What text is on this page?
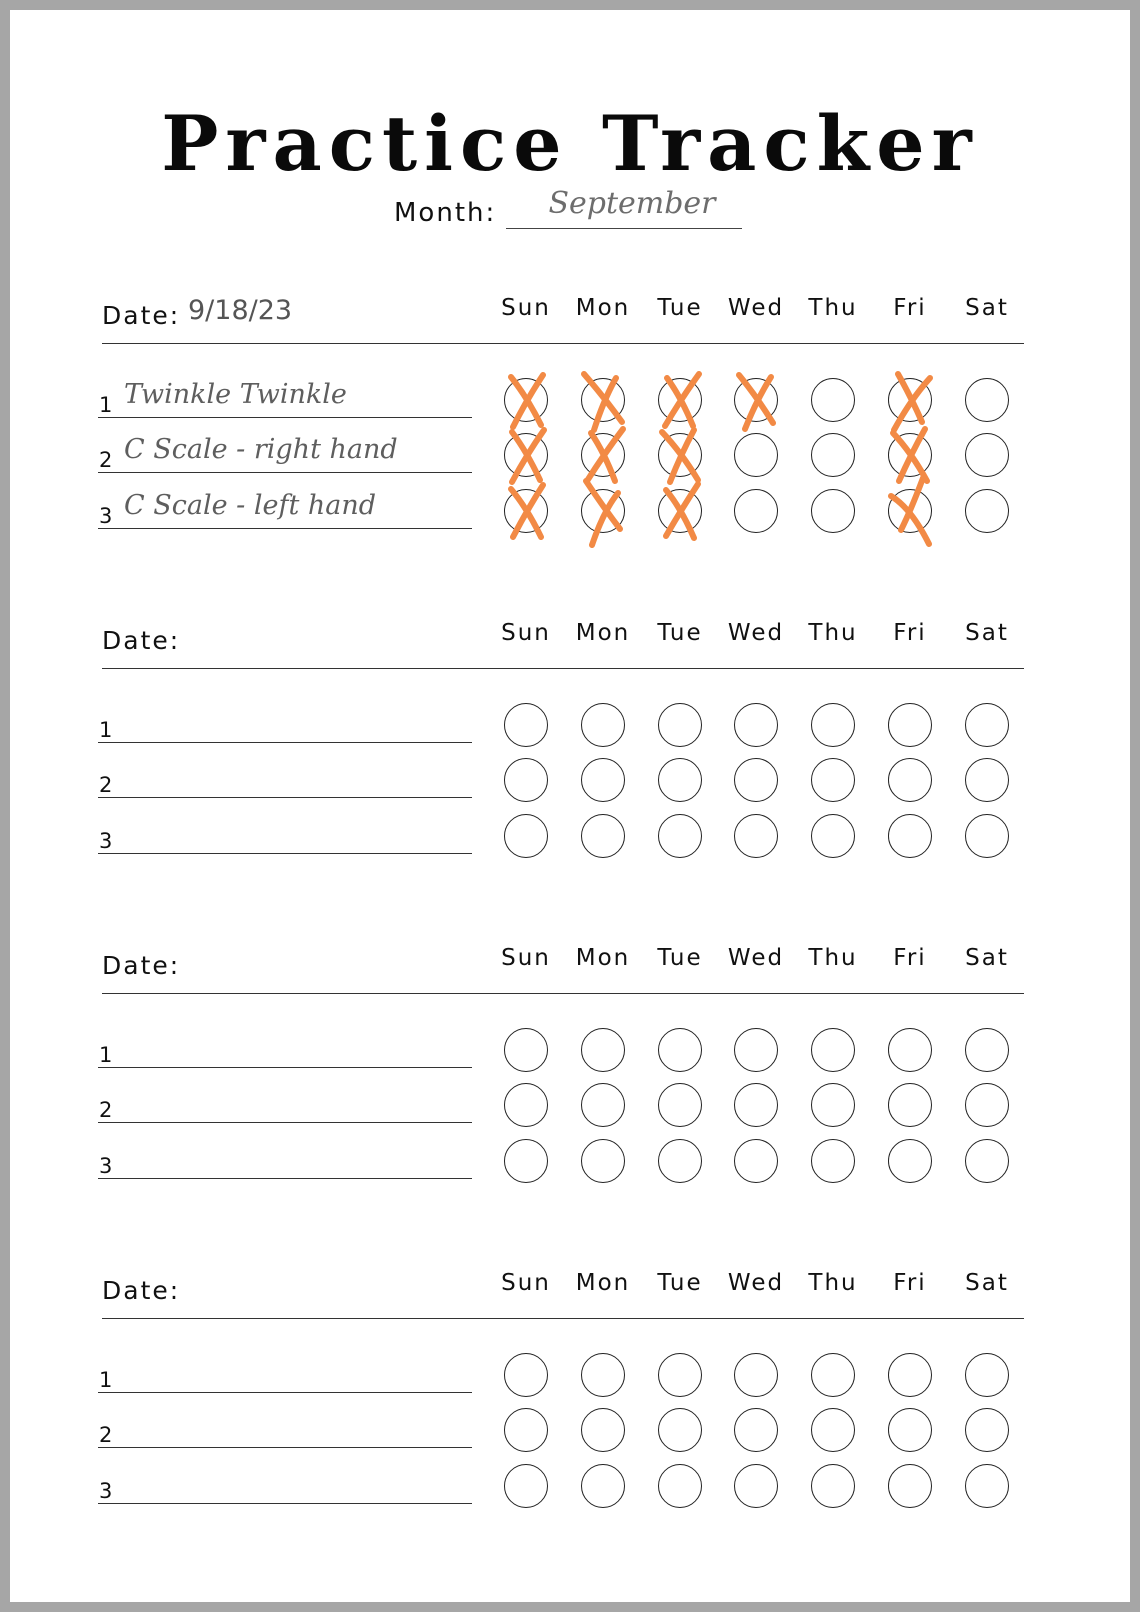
Practice Tracker
Month:	September
Date: 9/18/23	Sun	Mon	Tue	Wed	Thu	Fri	Sat
1 Twinkle Twinkle
2 C Scale - right hand
3 C Scale - left hand
Date:	Sun	Mon	Tue	Wed	Thu	Fri	Sat
1
2
3
Date:	Sun	Mon	Tue	Wed	Thu	Fri	Sat
1
2
3
Date:	Sun	Mon	Tue	Wed	Thu	Fri	Sat
1
2
3
